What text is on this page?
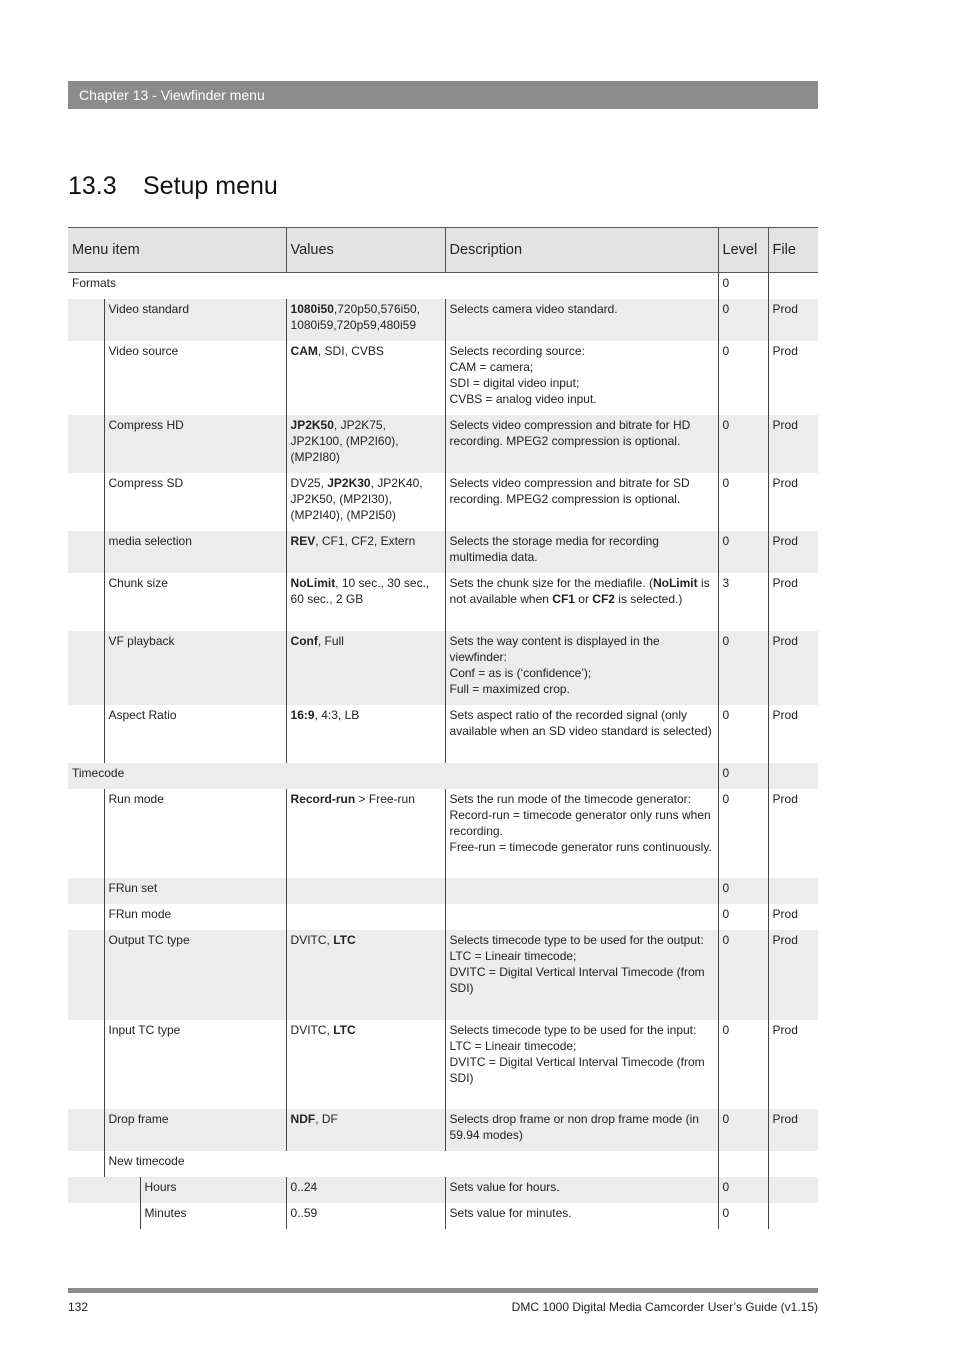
Chapter 13 - Viewfinder menu
13.3 Setup menu
Menu item			Values	Description	Level	File
Formats					0	
	Video standard		1080i50,720p50,576i50, 1080i59,720p59,480i59	Selects camera video standard.	0	Prod
	Video source		CAM, SDI, CVBS	Selects recording source:
CAM = camera;
SDI = digital video input;
CVBS = analog video input.	0	Prod
	Compress HD		JP2K50, JP2K75, JP2K100, (MP2I60), (MP2I80)	Selects video compression and bitrate for HD recording. MPEG2 compression is optional.	0	Prod
	Compress SD		DV25, JP2K30, JP2K40, JP2K50, (MP2I30), (MP2I40), (MP2I50)	Selects video compression and bitrate for SD recording. MPEG2 compression is optional.	0	Prod
	media selection		REV, CF1, CF2, Extern	Selects the storage media for recording multimedia data.	0	Prod
	Chunk size		NoLimit, 10 sec., 30 sec., 60 sec., 2 GB	Sets the chunk size for the mediafile. (NoLimit is not available when CF1 or CF2 is selected.)	3	Prod
	VF playback		Conf, Full	Sets the way content is displayed in the viewfinder:
Conf = as is (‘confidence’);
Full = maximized crop.	0	Prod
	Aspect Ratio		16:9, 4:3, LB	Sets aspect ratio of the recorded signal (only available when an SD video standard is selected)	0	Prod
Timecode					0	
	Run mode		Record-run > Free-run	Sets the run mode of the timecode generator:
Record-run = timecode generator only runs when recording.
Free-run = timecode generator runs continuously.	0	Prod
	FRun set				0	
	FRun mode				0	Prod
	Output TC type		DVITC, LTC	Selects timecode type to be used for the output:
LTC = Lineair timecode;
DVITC = Digital Vertical Interval Timecode (from SDI)	0	Prod
	Input TC type		DVITC, LTC	Selects timecode type to be used for the input:
LTC = Lineair timecode;
DVITC = Digital Vertical Interval Timecode (from SDI)	0	Prod
	Drop frame		NDF, DF	Selects drop frame or non drop frame mode (in 59.94 modes)	0	Prod
	New timecode					
		Hours	0..24	Sets value for hours.	0	
		Minutes	0..59	Sets value for minutes.	0	
132	DMC 1000 Digital Media Camcorder User’s Guide (v1.15)
